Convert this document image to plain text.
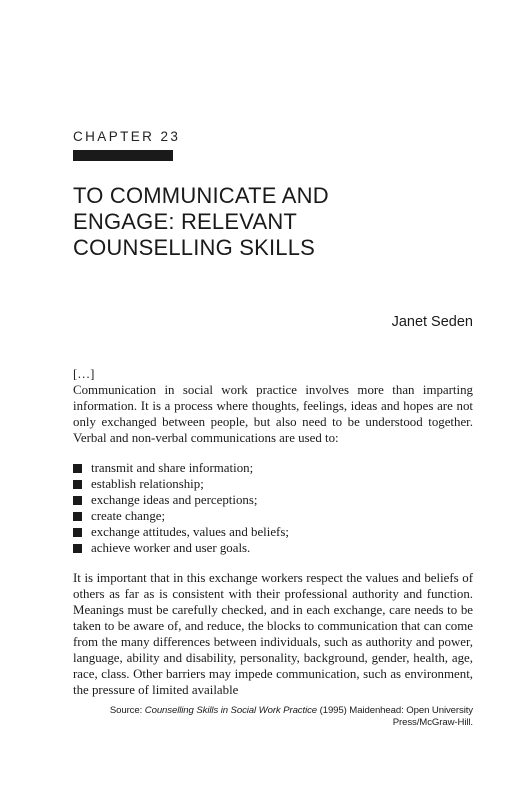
CHAPTER 23

TO COMMUNICATE AND
ENGAGE: RELEVANT
COUNSELLING SKILLS

Janet Seden

[…]

Communication in social work practice involves more than imparting information. It is a process where thoughts, feelings, ideas and hopes are not only exchanged between people, but also need to be understood together. Verbal and non-verbal communications are used to:

transmit and share information;
establish relationship;
exchange ideas and perceptions;
create change;
exchange attitudes, values and beliefs;
achieve worker and user goals.

It is important that in this exchange workers respect the values and beliefs of others as far as is consistent with their professional authority and function. Meanings must be carefully checked, and in each exchange, care needs to be taken to be aware of, and reduce, the blocks to communication that can come from the many differences between individuals, such as authority and power, language, ability and disability, personality, background, gender, health, age, race, class. Other barriers may impede communication, such as environment, the pressure of limited available

Source: Counselling Skills in Social Work Practice (1995) Maidenhead: Open University Press/McGraw-Hill.
